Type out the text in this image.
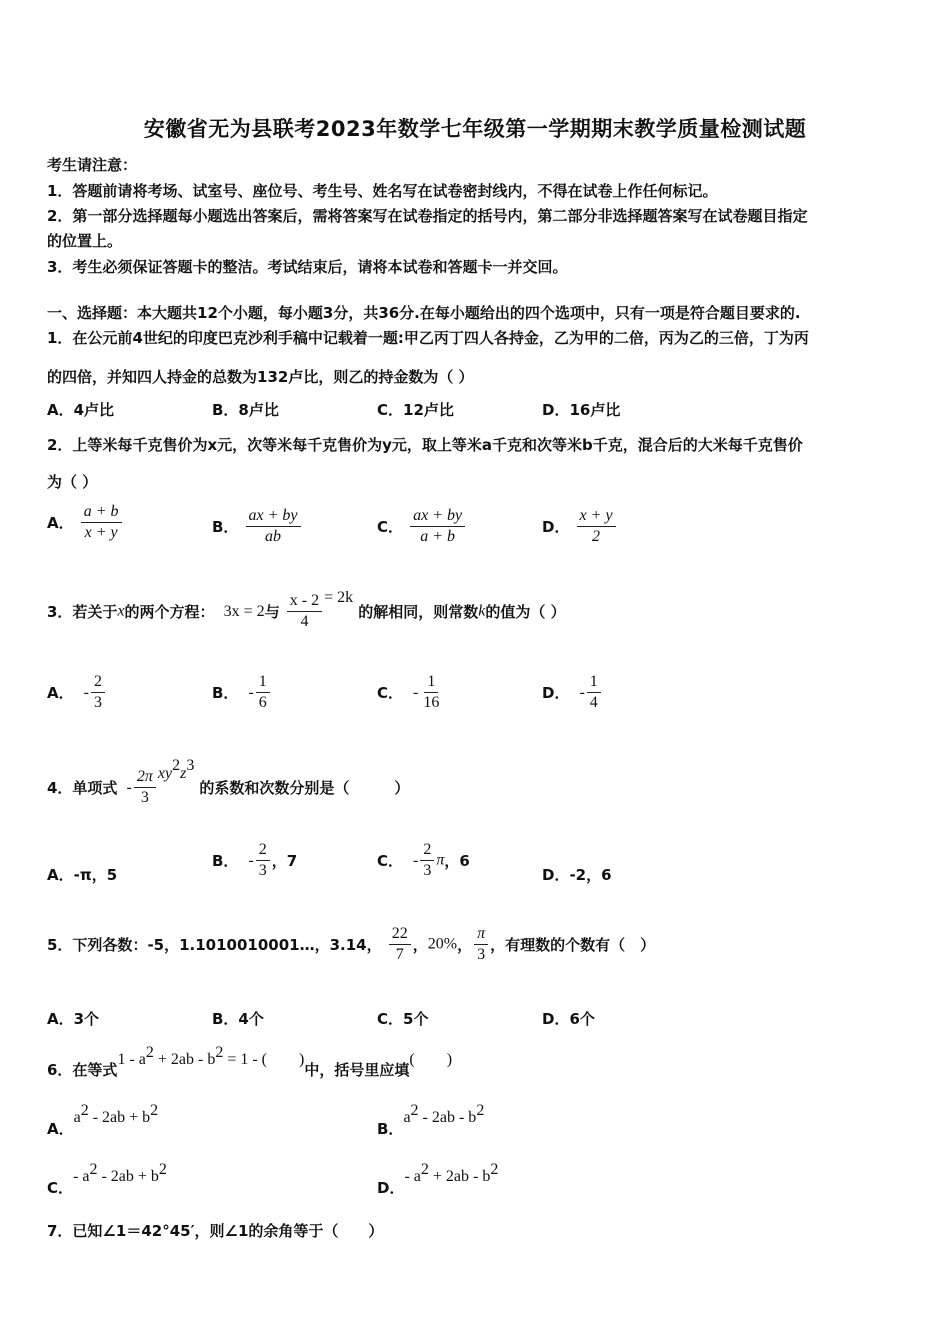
安徽省无为县联考2023年数学七年级第一学期期末教学质量检测试题
考生请注意：
1．答题前请将考场、试室号、座位号、考生号、姓名写在试卷密封线内，不得在试卷上作任何标记。
2．第一部分选择题每小题选出答案后，需将答案写在试卷指定的括号内，第二部分非选择题答案写在试卷题目指定
的位置上。
3．考生必须保证答题卡的整洁。考试结束后，请将本试卷和答题卡一并交回。
一、选择题：本大题共12个小题，每小题3分，共36分.在每小题给出的四个选项中，只有一项是符合题目要求的.
1．在公元前4世纪的印度巴克沙利手稿中记载着一题:甲乙丙丁四人各持金，乙为甲的二倍，丙为乙的三倍，丁为丙
的四倍，并知四人持金的总数为132卢比，则乙的持金数为（ ）
A．4卢比	B．8卢比	C．12卢比	D．16卢比
2．上等米每千克售价为x元，次等米每千克售价为y元，取上等米a千克和次等米b千克，混合后的大米每千克售价
为（ ）
A． $\frac{a + b}{x + y}$	B． $\frac{ax + by}{ab}$	C． $\frac{ax + by}{a + b}$	D． $\frac{x + y}{2}$
3．若关于x的两个方程： 3x = 2与 $\frac{x - 2}{4} = 2k$ 的解相同，则常数k的值为（ ）
A． - $\frac{2}{3}$	B． - $\frac{1}{6}$	C． - $\frac{1}{16}$	D． - $\frac{1}{4}$
4．单项式 - $\frac{2\pi}{3} xy^2z^3$ 的系数和次数分别是（　　　）
A．-π，5
B． - $\frac{2}{3}$ ，7	C． - $\frac{2}{3}$ π，6
D．-2，6
5．下列各数：-5，1.1010010001…，3.14， $\frac{22}{7}$ ，20%， $\frac{\pi}{3}$ ，有理数的个数有（　）
A．3个	B．4个	C．5个	D．6个
6．在等式$1 - a^2 + 2ab - b^2 = 1$ - (　　)中，括号里应填(　　)
A．$a^2 - 2ab + b^2$
B．$a^2 - 2ab - b^2$
C．- $a^2 - 2ab + b^2$
D．- $a^2 + 2ab - b^2$
7．已知∠1＝42°45′，则∠1的余角等于（　　）
